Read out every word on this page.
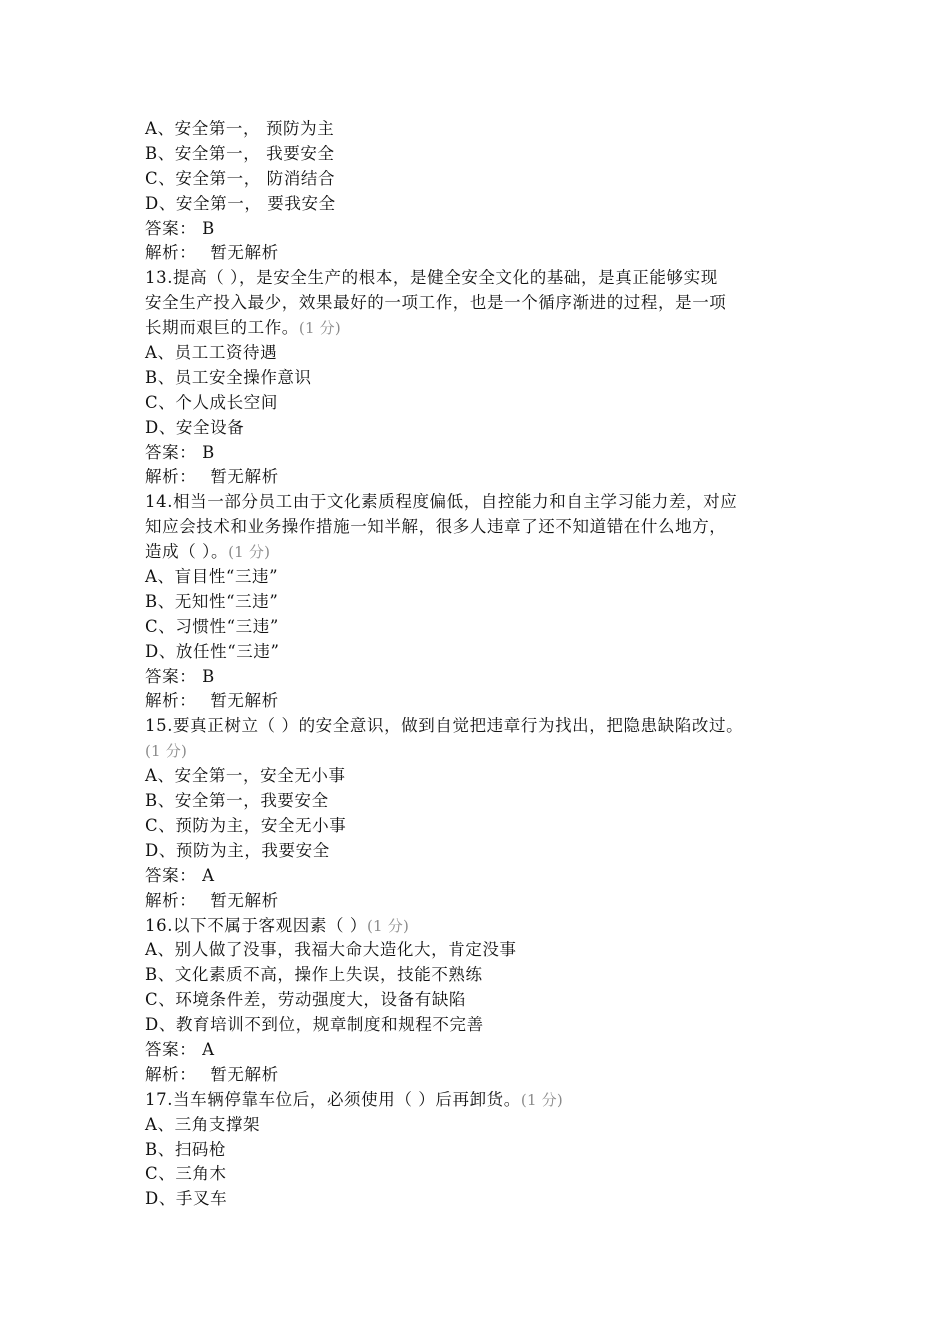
A、安全第一， 预防为主
B、安全第一， 我要安全
C、安全第一， 防消结合
D、安全第一， 要我安全
答案： B
解析： 暂无解析
13.提高（ ），是安全生产的根本，是健全安全文化的基础，是真正能够实现
安全生产投入最少，效果最好的一项工作，也是一个循序渐进的过程，是一项
长期而艰巨的工作。(1 分)
A、员工工资待遇
B、员工安全操作意识
C、个人成长空间
D、安全设备
答案： B
解析： 暂无解析
14.相当一部分员工由于文化素质程度偏低，自控能力和自主学习能力差，对应
知应会技术和业务操作措施一知半解，很多人违章了还不知道错在什么地方，
造成（ ）。(1 分)
A、盲目性“三违”
B、无知性“三违”
C、习惯性“三违”
D、放任性“三违”
答案： B
解析： 暂无解析
15.要真正树立（ ）的安全意识，做到自觉把违章行为找出，把隐患缺陷改过。
(1 分)
A、安全第一，安全无小事
B、安全第一，我要安全
C、预防为主，安全无小事
D、预防为主，我要安全
答案： A
解析： 暂无解析
16.以下不属于客观因素（ ）(1 分)
A、别人做了没事，我福大命大造化大，肯定没事
B、文化素质不高，操作上失误，技能不熟练
C、环境条件差，劳动强度大，设备有缺陷
D、教育培训不到位，规章制度和规程不完善
答案： A
解析： 暂无解析
17.当车辆停靠车位后，必须使用（ ）后再卸货。(1 分)
A、三角支撑架
B、扫码枪
C、三角木
D、手叉车
